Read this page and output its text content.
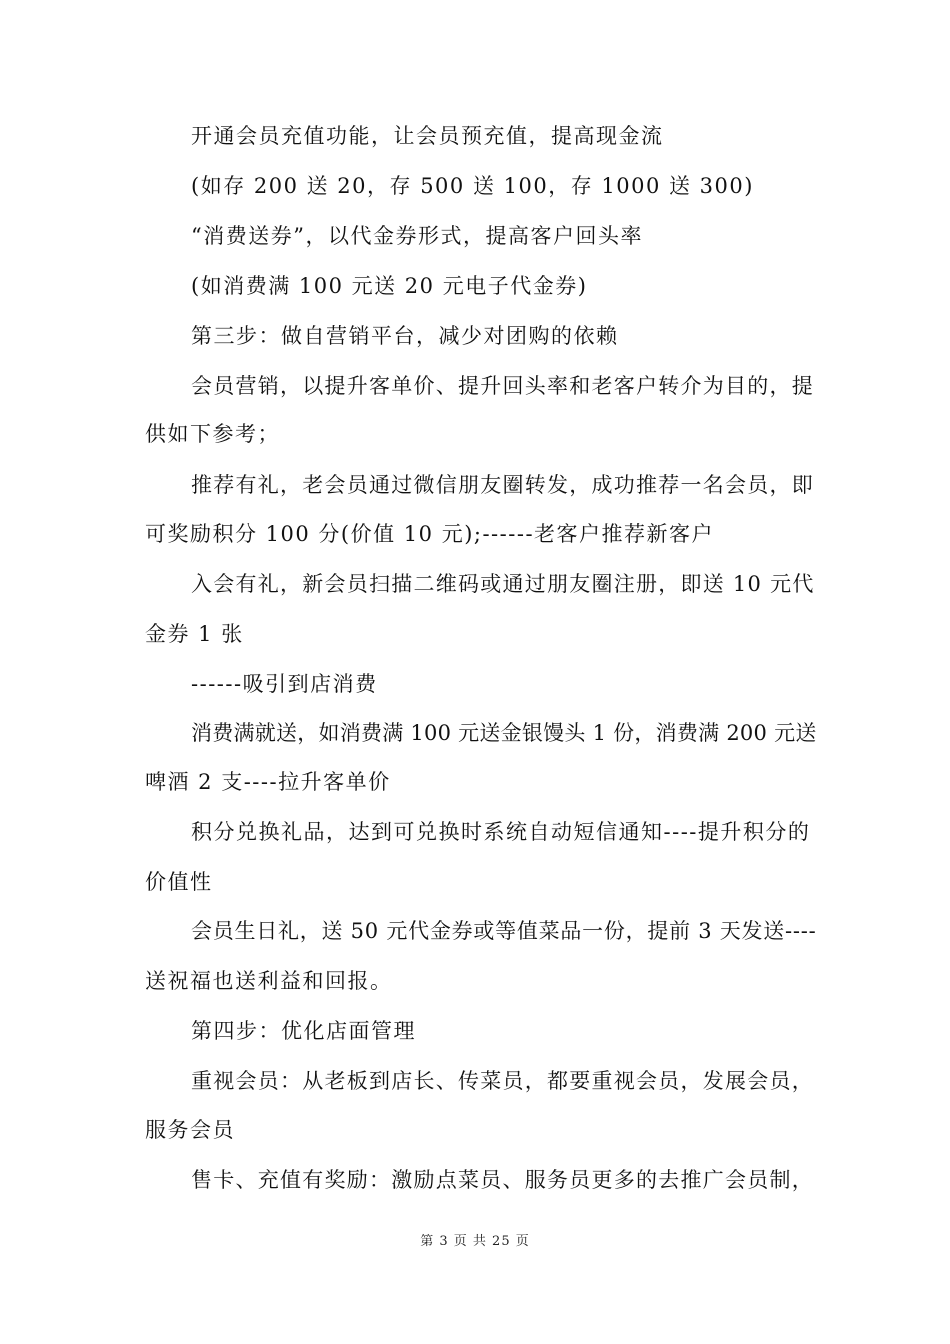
开通会员充值功能，让会员预充值，提高现金流
(如存 200 送 20，存 500 送 100，存 1000 送 300)
“消费送券”，以代金券形式，提高客户回头率
(如消费满 100 元送 20 元电子代金券)
第三步：做自营销平台，减少对团购的依赖
会员营销，以提升客单价、提升回头率和老客户转介为目的，提
供如下参考；
推荐有礼，老会员通过微信朋友圈转发，成功推荐一名会员，即
可奖励积分 100 分(价值 10 元);------老客户推荐新客户
入会有礼，新会员扫描二维码或通过朋友圈注册，即送 10 元代
金券 1 张
------吸引到店消费
消费满就送，如消费满 100 元送金银馒头 1 份，消费满 200 元送
啤酒 2 支----拉升客单价
积分兑换礼品，达到可兑换时系统自动短信通知----提升积分的
价值性
会员生日礼，送 50 元代金券或等值菜品一份，提前 3 天发送----
送祝福也送利益和回报。
第四步：优化店面管理
重视会员：从老板到店长、传菜员，都要重视会员，发展会员，
服务会员
售卡、充值有奖励：激励点菜员、服务员更多的去推广会员制，
第 3 页 共 25 页
